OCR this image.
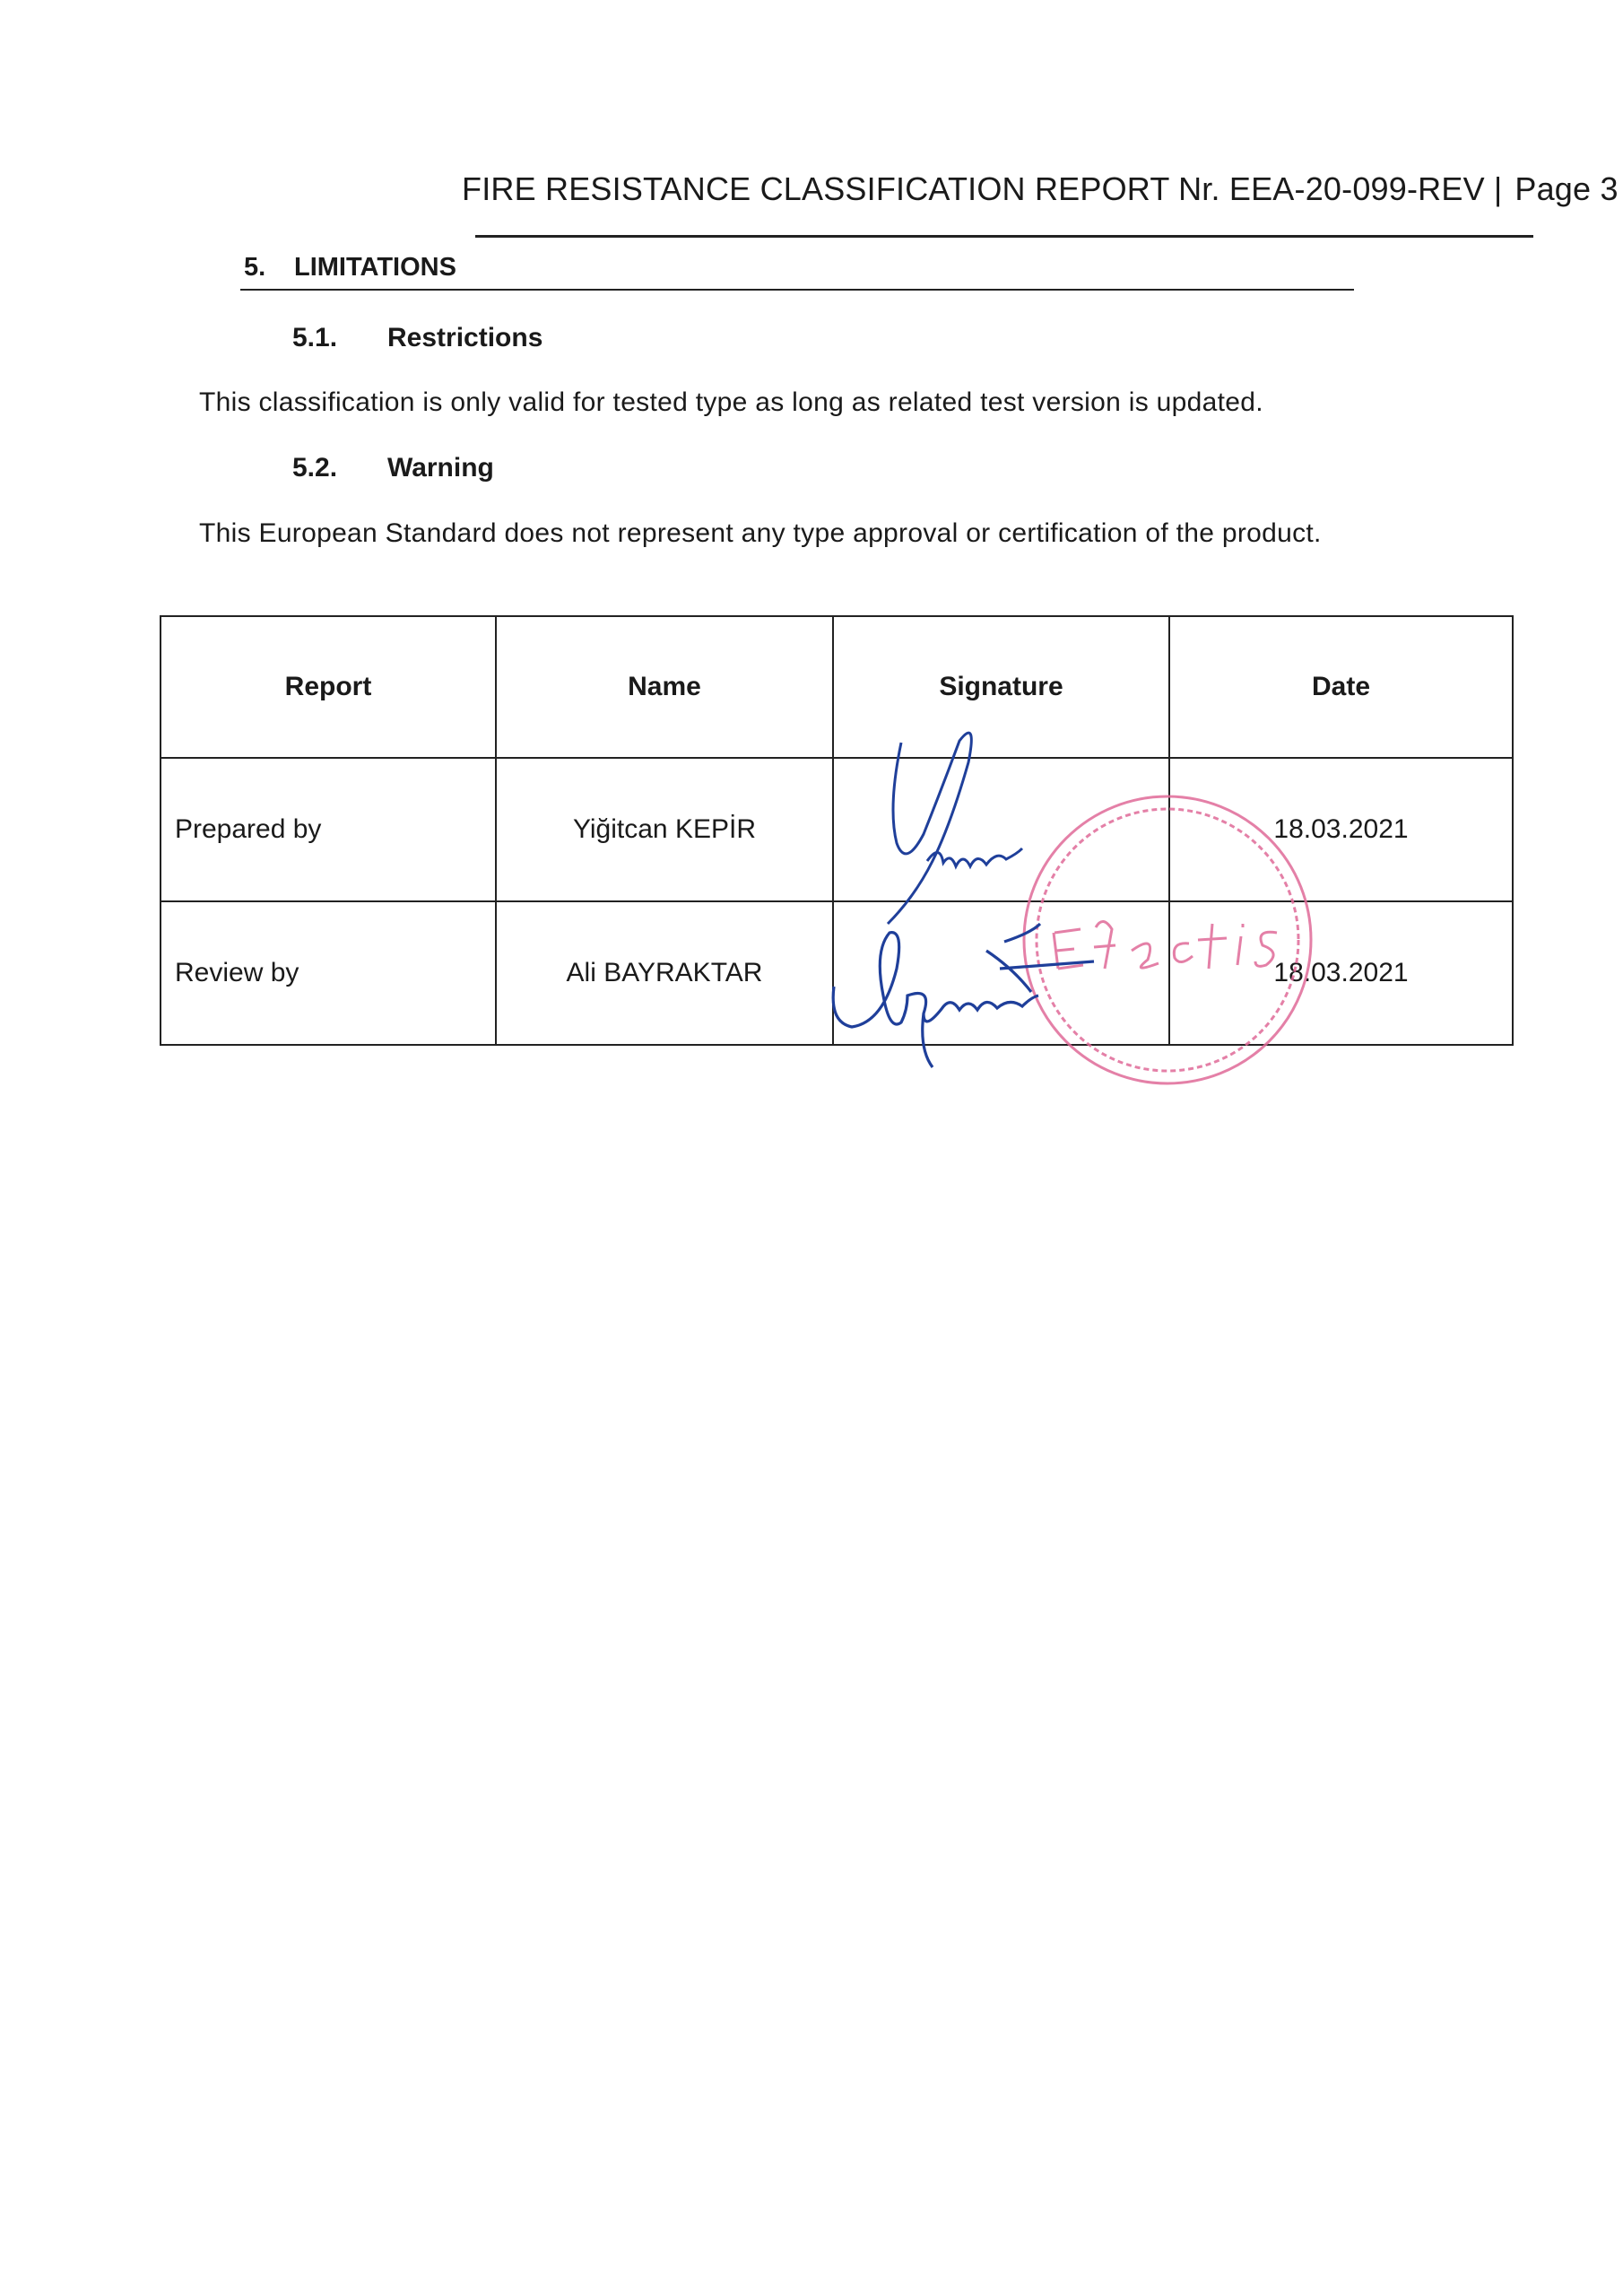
FIRE RESISTANCE CLASSIFICATION REPORT Nr. EEA-20-099-REV | Page 3
5. LIMITATIONS
5.1. Restrictions
This classification is only valid for tested type as long as related test version is updated.
5.2. Warning
This European Standard does not represent any type approval or certification of the product.
Report	Name	Signature	Date
Prepared by	Yiğitcan KEPİR		18.03.2021
Review by	Ali BAYRAKTAR		18.03.2021
